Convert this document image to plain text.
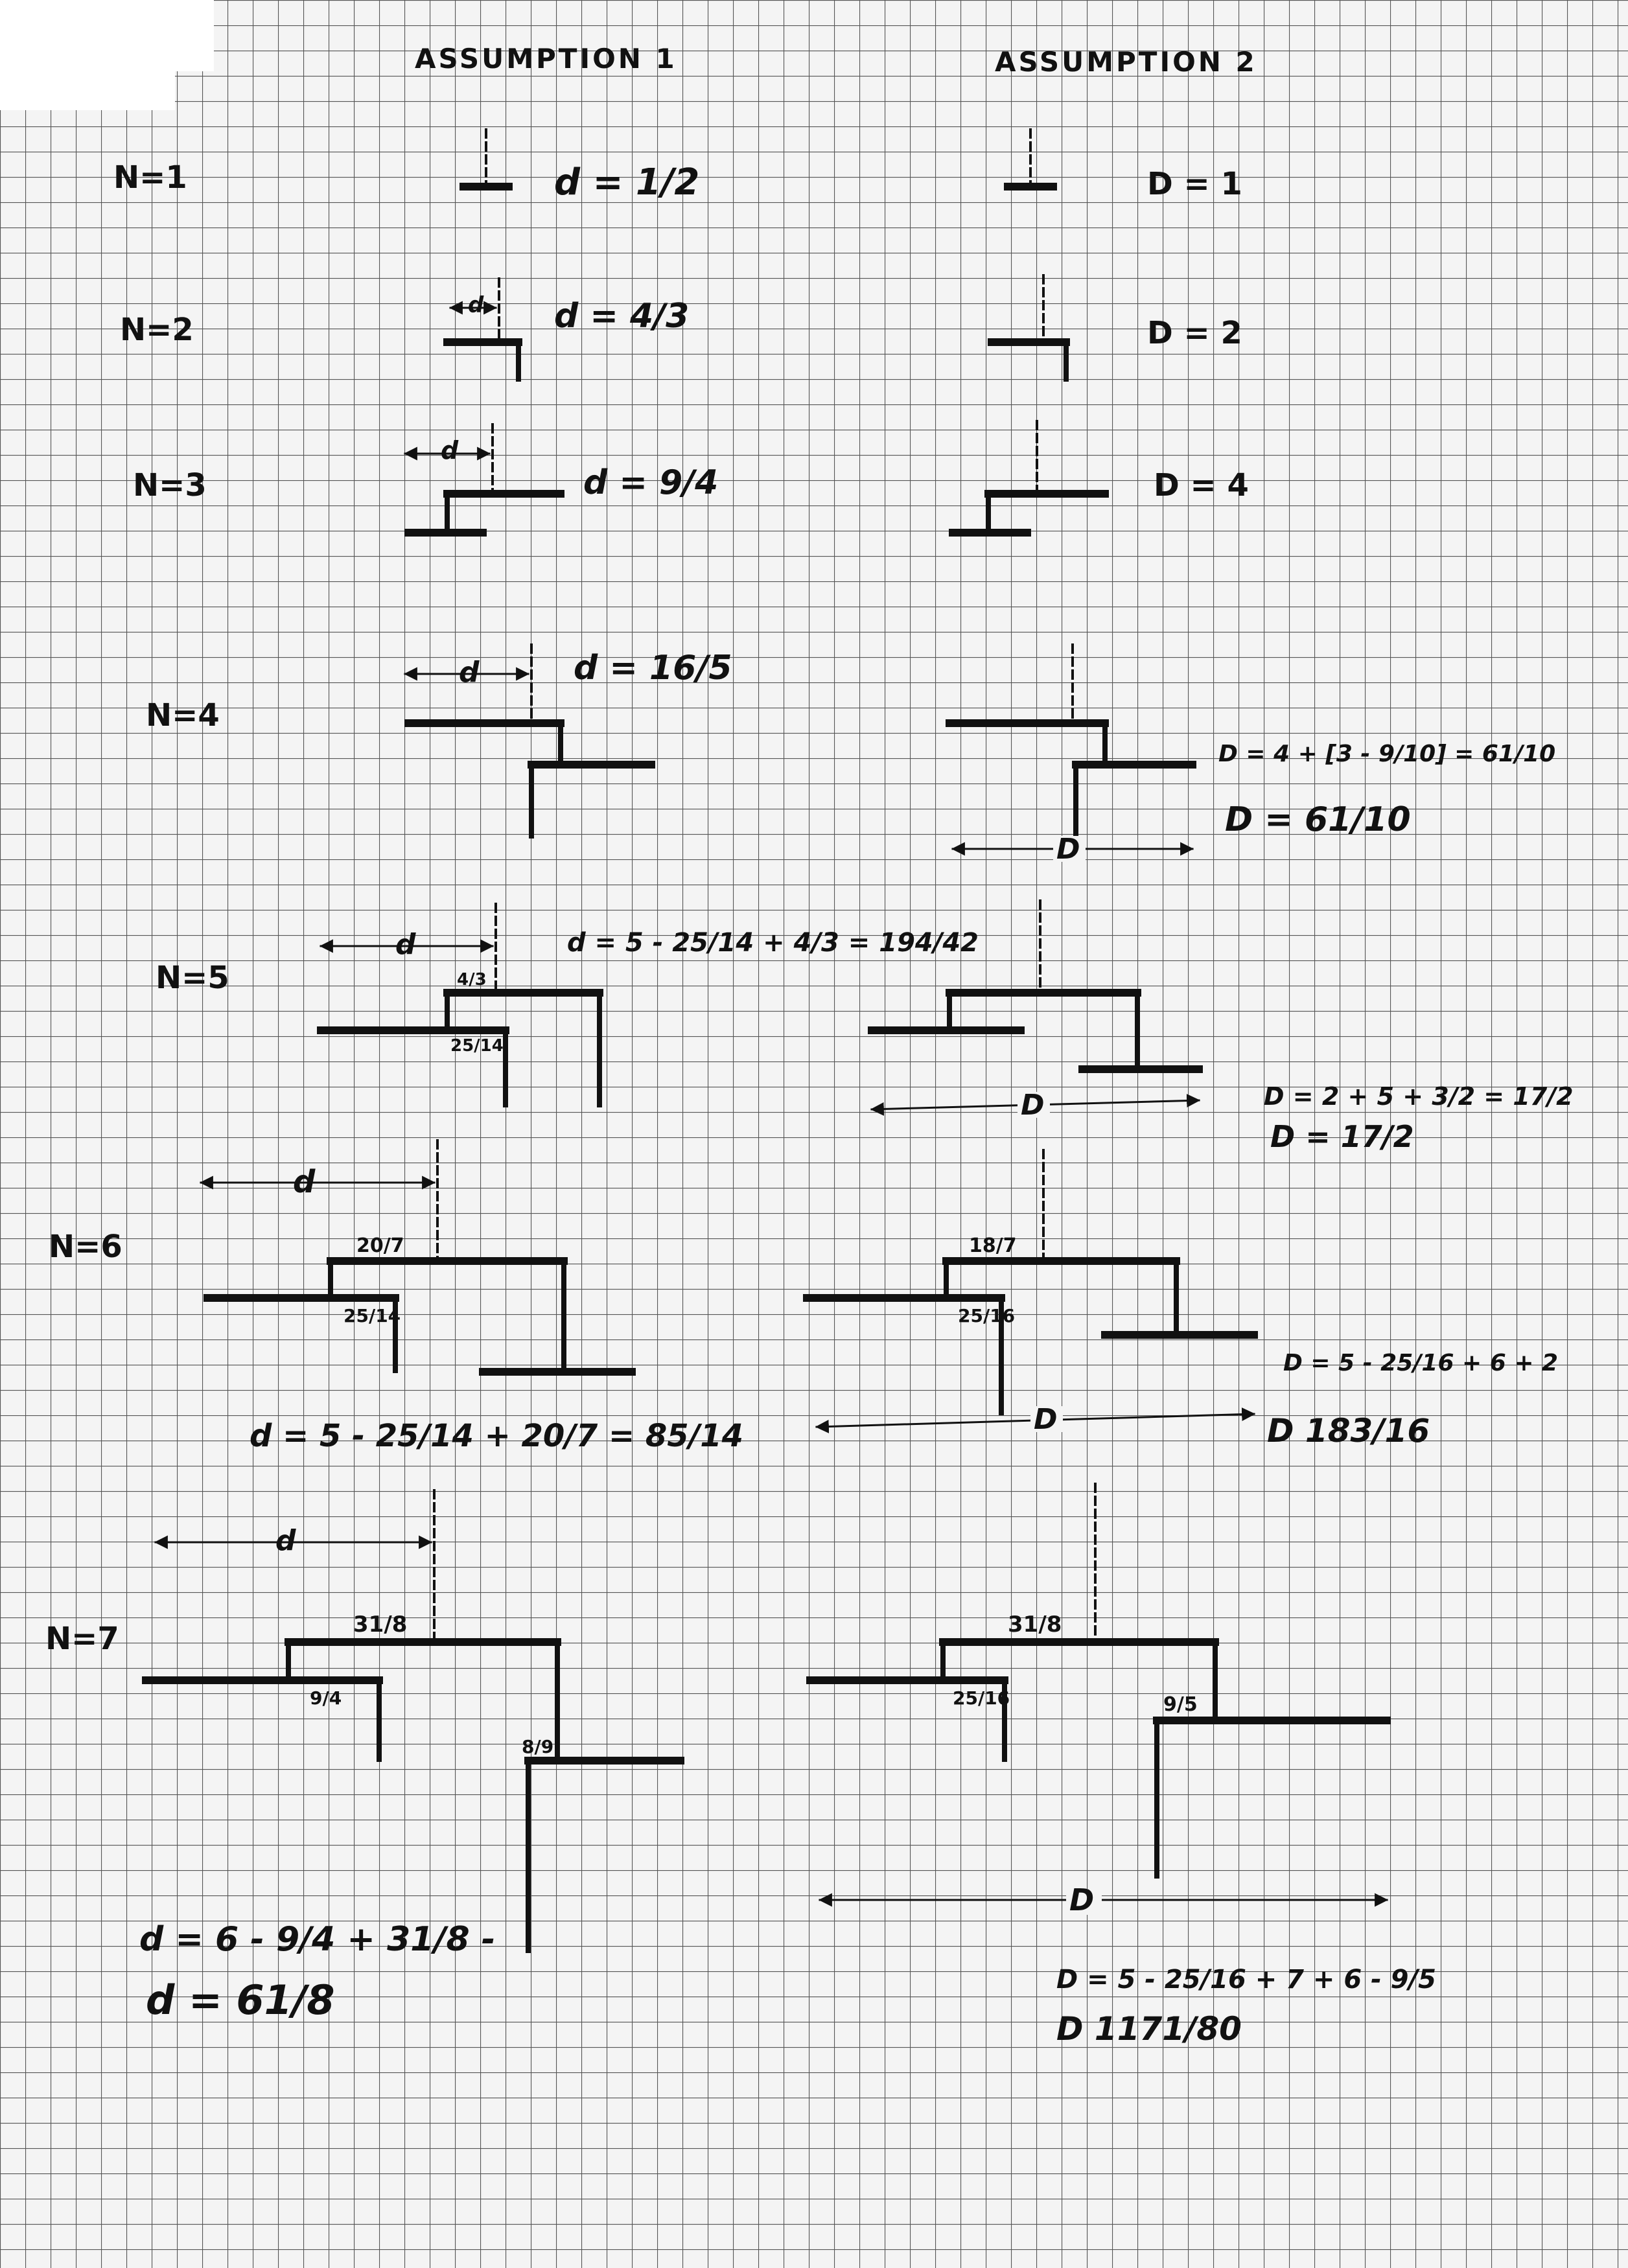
ASSUMPTION 1	ASSUMPTION 2
N=1
N=2
N=3
N=4
N=5
N=6
N=7
d
d
d
d
d
d
4/3
25/14
20/7
25/14
31/8
9/4
8/9
d = 1/2
d = 4/3
d = 9/4
d = 16/5
d = 5 - 25/14 + 4/3 = 194/42
d = 5 - 25/14 + 20/7 = 85/14
d = 6 - 9/4 + 31/8 -
d = 61/8
D
D
D
D
18/7
25/16
31/8
25/16	9/5
D = 1
D = 2
D = 4
D = 4 + [3 - 9/10] = 61/10
D = 61/10
D = 2 + 5 + 3/2 = 17/2
D = 17/2
D = 5 - 25/16 + 6 + 2
D 183/16
D = 5 - 25/16 + 7 + 6 - 9/5
D 1171/80
